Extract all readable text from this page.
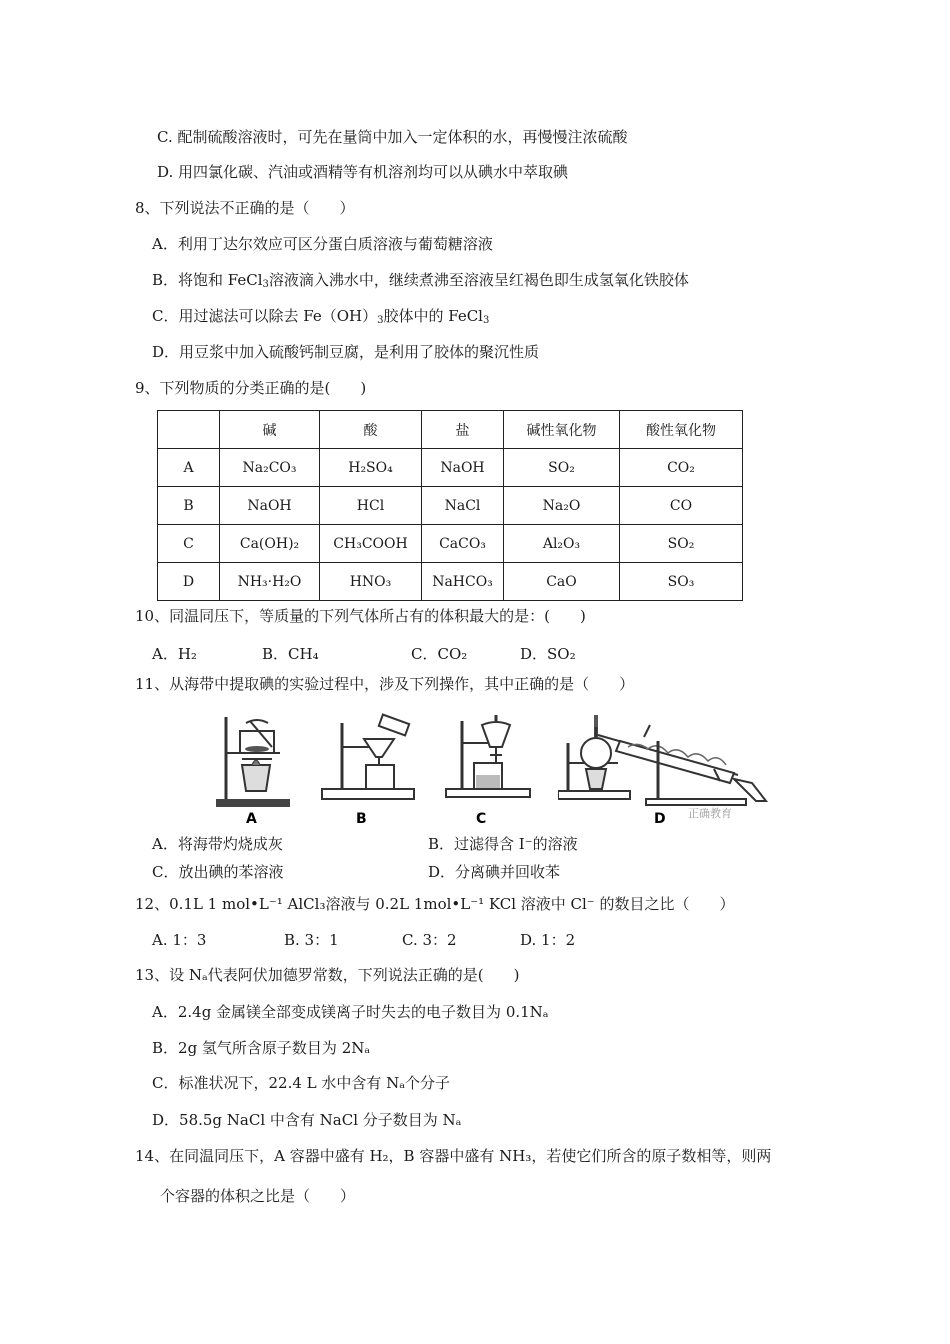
C. 配制硫酸溶液时，可先在量筒中加入一定体积的水，再慢慢注浓硫酸
D. 用四氯化碳、汽油或酒精等有机溶剂均可以从碘水中萃取碘
8、下列说法不正确的是（　　）
A．利用丁达尔效应可区分蛋白质溶液与葡萄糖溶液
B．将饱和 FeCl$_3$溶液滴入沸水中，继续煮沸至溶液呈红褐色即生成氢氧化铁胶体
C．用过滤法可以除去 $Fe(OH)_3$胶体中的 FeCl$_3$
D．用豆浆中加入硫酸钙制豆腐，是利用了胶体的聚沉性质
9、下列物质的分类正确的是(　　)
	碱	酸	盐	碱性氧化物	酸性氧化物
A	Na₂CO₃	H₂SO₄	NaOH	SO₂	CO₂
B	NaOH	HCl	NaCl	Na₂O	CO
C	Ca(OH)₂	CH₃COOH	CaCO₃	Al₂O₃	SO₂
D	NH₃·H₂O	HNO₃	NaHCO₃	CaO	SO₃
10、同温同压下，等质量的下列气体所占有的体积最大的是：(　　)
A．H₂	B．CH₄	C．CO₂	D．SO₂
11、从海带中提取碘的实验过程中，涉及下列操作，其中正确的是（　　）
A	B	C	正确教育
D
A．将海带灼烧成灰	B．过滤得含 I⁻的溶液
C．放出碘的苯溶液	D．分离碘并回收苯
12、0.1L 1 mol•L⁻¹ AlCl₃溶液与 0.2L 1mol•L⁻¹ KCl 溶液中 Cl⁻ 的数目之比（　　）
A. 1：3	B. 3：1	C. 3：2	D. 1：2
13、设 Nₐ代表阿伏加德罗常数，下列说法正确的是(　　)
A．2.4g 金属镁全部变成镁离子时失去的电子数目为 0.1Nₐ
B．2g 氢气所含原子数目为 2Nₐ
C．标准状况下，22.4 L 水中含有 Nₐ个分子
D．58.5g NaCl 中含有 NaCl 分子数目为 Nₐ
14、在同温同压下，A 容器中盛有 H₂，B 容器中盛有 NH₃，若使它们所含的原子数相等，则两
个容器的体积之比是（　　）
